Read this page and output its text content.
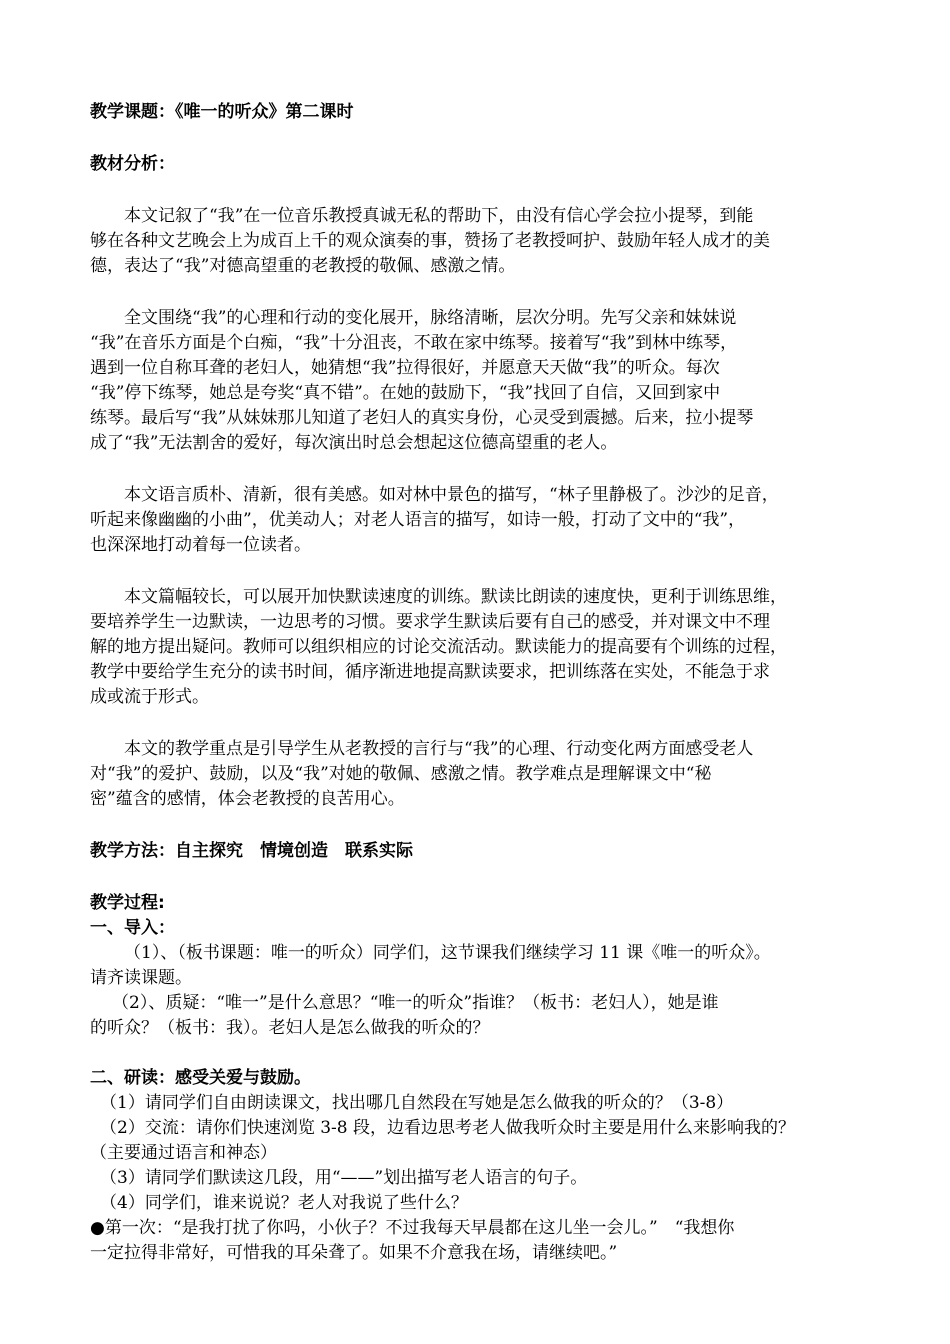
教学课题：《唯一的听众》第二课时

教材分析：

本文记叙了“我”在一位音乐教授真诚无私的帮助下，由没有信心学会拉小提琴，到能

够在各种文艺晚会上为成百上千的观众演奏的事，赞扬了老教授呵护、鼓励年轻人成才的美

德，表达了“我”对德高望重的老教授的敬佩、感激之情。

全文围绕“我”的心理和行动的变化展开，脉络清晰，层次分明。先写父亲和妹妹说

“我”在音乐方面是个白痴，“我”十分沮丧，不敢在家中练琴。接着写“我”到林中练琴，

遇到一位自称耳聋的老妇人，她猜想“我”拉得很好，并愿意天天做“我”的听众。每次

“我”停下练琴，她总是夸奖“真不错”。在她的鼓励下，“我”找回了自信，又回到家中

练琴。最后写“我”从妹妹那儿知道了老妇人的真实身份，心灵受到震撼。后来，拉小提琴

成了“我”无法割舍的爱好，每次演出时总会想起这位德高望重的老人。

本文语言质朴、清新，很有美感。如对林中景色的描写，“林子里静极了。沙沙的足音，

听起来像幽幽的小曲”，优美动人；对老人语言的描写，如诗一般，打动了文中的“我”，

也深深地打动着每一位读者。

本文篇幅较长，可以展开加快默读速度的训练。默读比朗读的速度快，更利于训练思维，

要培养学生一边默读，一边思考的习惯。要求学生默读后要有自己的感受，并对课文中不理

解的地方提出疑问。教师可以组织相应的讨论交流活动。默读能力的提高要有个训练的过程，

教学中要给学生充分的读书时间，循序渐进地提高默读要求，把训练落在实处，不能急于求

成或流于形式。

本文的教学重点是引导学生从老教授的言行与“我”的心理、行动变化两方面感受老人

对“我”的爱护、鼓励，以及“我”对她的敬佩、感激之情。教学难点是理解课文中“秘

密”蕴含的感情，体会老教授的良苦用心。

教学方法：自主探究　情境创造　联系实际

教学过程:

一、导入：

（1）、（板书课题：唯一的听众）同学们，这节课我们继续学习 11 课《唯一的听众》。

请齐读课题。

（2）、质疑：“唯一”是什么意思？“唯一的听众”指谁？（板书：老妇人），她是谁

的听众？（板书：我）。老妇人是怎么做我的听众的？

二、研读：感受关爱与鼓励。

（1）请同学们自由朗读课文，找出哪几自然段在写她是怎么做我的听众的？（3-8）

（2）交流：请你们快速浏览 3-8 段，边看边思考老人做我听众时主要是用什么来影响我的？

（主要通过语言和神态）

（3）请同学们默读这几段，用“——”划出描写老人语言的句子。

（4）同学们，谁来说说？老人对我说了些什么？

●第一次：“是我打扰了你吗，小伙子？不过我每天早晨都在这儿坐一会儿。”　“我想你

一定拉得非常好，可惜我的耳朵聋了。如果不介意我在场，请继续吧。”
